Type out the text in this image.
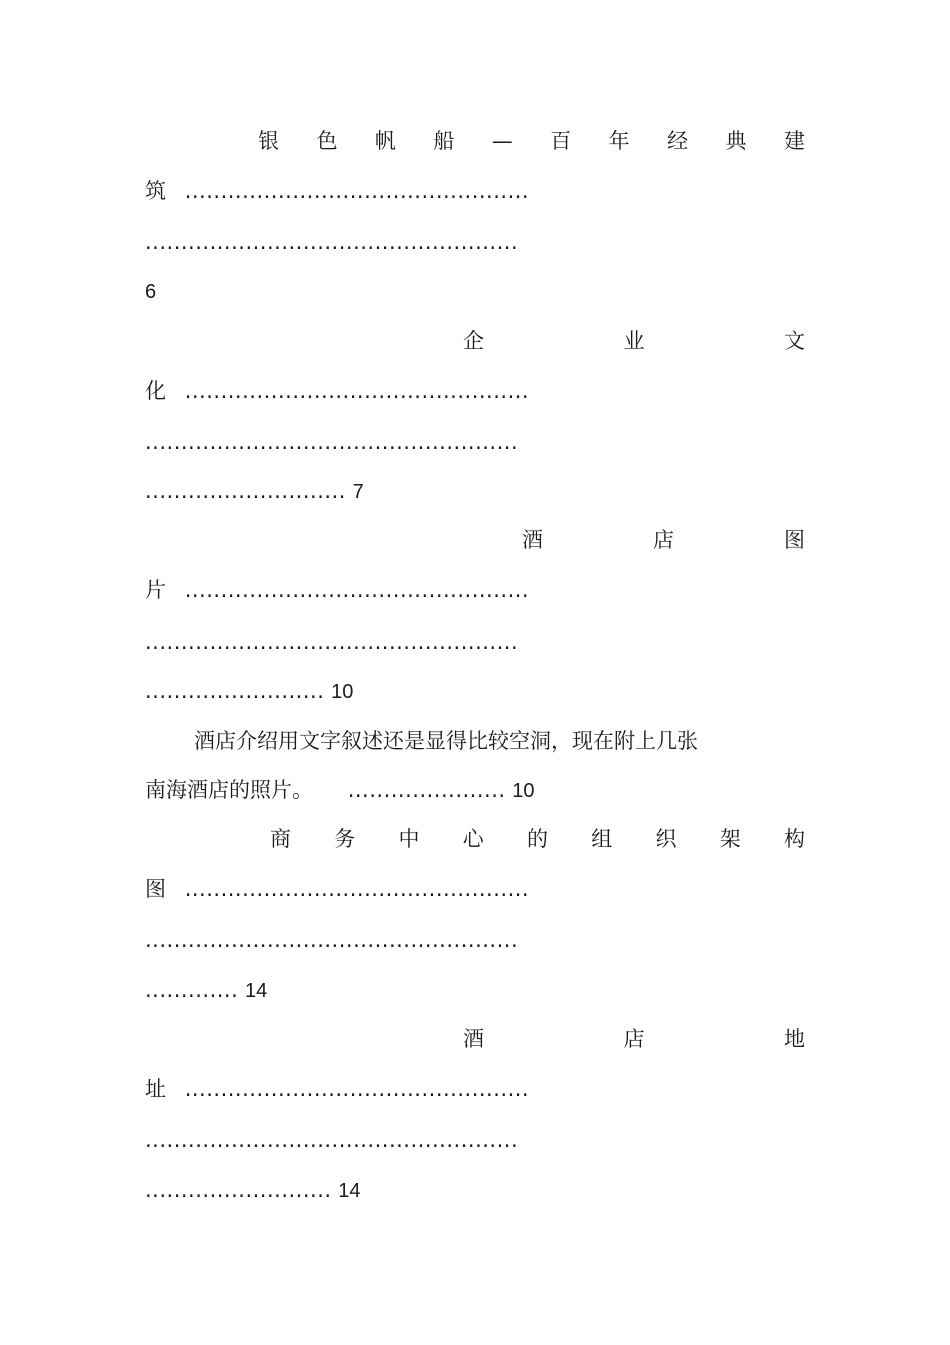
银 色 帆 船 — 百 年 经 典 建
筑 ................................................
....................................................
6
企	业	文
化 ................................................
....................................................
............................ 7
酒	店	图
片 ................................................
....................................................
......................... 10
酒店介绍用文字叙述还是显得比较空洞，现在附上几张
南海酒店的照片。 ...................... 10
商 务 中 心 的 组 织 架 构
图 ................................................
....................................................
............. 14
酒	店	地
址 ................................................
....................................................
.......................... 14
